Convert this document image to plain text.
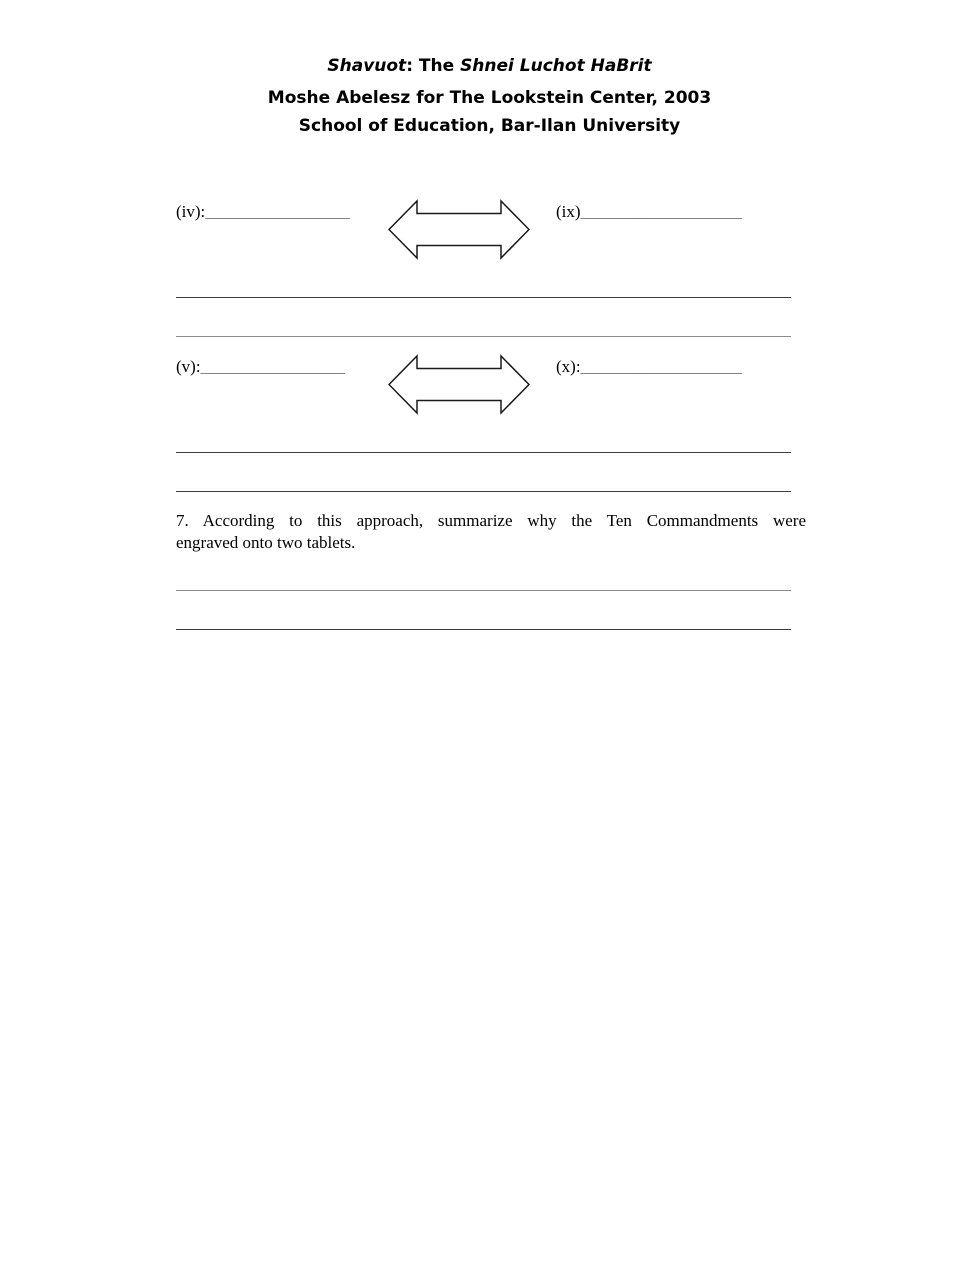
Shavuot: The Shnei Luchot HaBrit
Moshe Abelesz for The Lookstein Center, 2003
School of Education, Bar-Ilan University
(iv):_________________	(ix)___________________
(v):_________________	(x):___________________
7. According to this approach, summarize why the Ten Commandments were
engraved onto two tablets.
